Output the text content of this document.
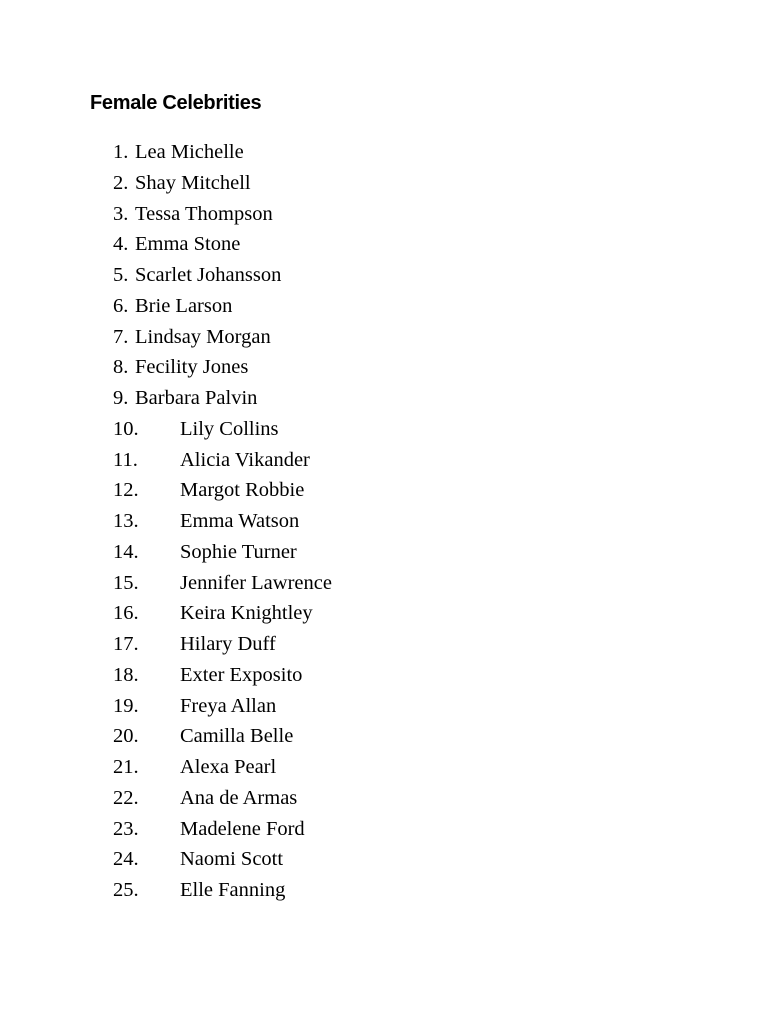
Female Celebrities
1. Lea Michelle
2. Shay Mitchell
3. Tessa Thompson
4. Emma Stone
5. Scarlet Johansson
6. Brie Larson
7. Lindsay Morgan
8. Fecility Jones
9. Barbara Palvin
10. Lily Collins
11. Alicia Vikander
12. Margot Robbie
13. Emma Watson
14. Sophie Turner
15. Jennifer Lawrence
16. Keira Knightley
17. Hilary Duff
18. Exter Exposito
19. Freya Allan
20. Camilla Belle
21. Alexa Pearl
22. Ana de Armas
23. Madelene Ford
24. Naomi Scott
25. Elle Fanning
